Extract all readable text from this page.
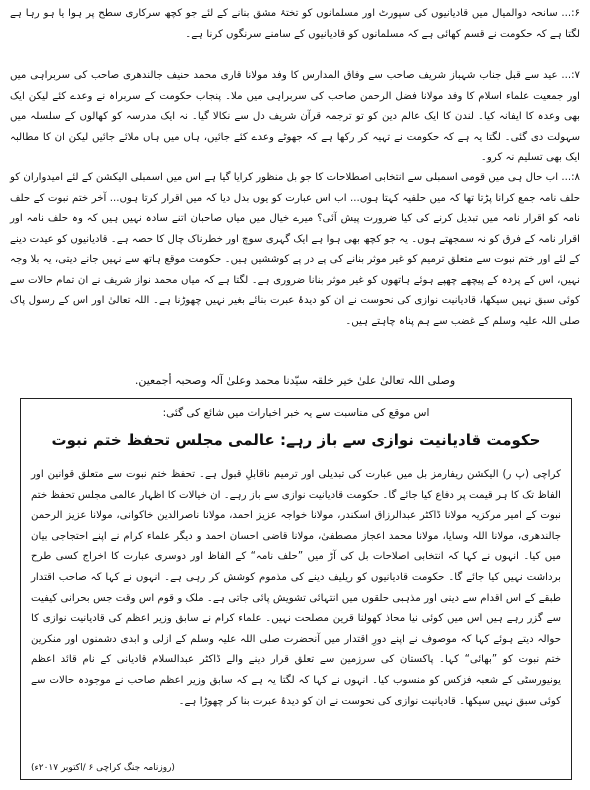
۶:... سانحہ دوالمیال میں قادیانیوں کی سپورٹ اور مسلمانوں کو تختۂ مشق بنانے کے لئے جو کچھ سرکاری سطح پر ہوا یا ہو رہا ہے لگتا ہے کہ حکومت نے قسم کھائی ہے کہ مسلمانوں کو قادیانیوں کے سامنے سرنگوں کرنا ہے۔

۷:... عید سے قبل جناب شہباز شریف صاحب سے وفاق المدارس کا وفد مولانا قاری محمد حنیف جالندھری صاحب کی سربراہی میں اور جمعیت علماء اسلام کا وفد مولانا فضل الرحمن صاحب کی سربراہی میں ملا۔ پنجاب حکومت کے سربراہ نے وعدے کئے لیکن ایک بھی وعدہ کا ایفانہ کیا۔ لندن کا ایک عالم دین کو تو ترجمہ قرآن شریف دل سے نکالا گیا۔ نہ ایک مدرسہ کو کھالوں کے سلسلہ میں سہولت دی گئی۔ لگتا یہ ہے کہ حکومت نے تہیہ کر رکھا ہے کہ جھوٹے وعدے کئے جائیں، ہاں میں ہاں ملائے جائیں لیکن ان کا مطالبہ ایک بھی تسلیم نہ کرو۔

۸:... اب حال ہی میں قومی اسمبلی سے انتخابی اصطلاحات کا جو بل منظور کرایا گیا ہے اس میں اسمبلی الیکشن کے لئے امیدواران کو حلف نامہ جمع کرانا پڑتا تھا کہ میں حلفیہ کہتا ہوں... اب اس عبارت کو یوں بدل دیا کہ میں اقرار کرتا ہوں... آخر ختم نبوت کے حلف نامہ کو اقرار نامہ میں تبدیل کرنے کی کیا ضرورت پیش آئی؟ میرے خیال میں میاں صاحبان اتنے سادہ نہیں ہیں کہ وہ حلف نامہ اور اقرار نامہ کے فرق کو نہ سمجھتے ہوں۔ یہ جو کچھ بھی ہوا ہے ایک گہری سوچ اور خطرناک چال کا حصہ ہے۔ قادیانیوں کو عیدت دینے کے لئے اور ختم نبوت سے متعلق ترمیم کو غیر موثر بنانے کی پے در پے کوششیں ہیں۔ حکومت موقع ہاتھ سے نہیں جانے دیتی، یہ بلا وجہ نہیں، اس کے پردہ کے پیچھے چھپے ہوئے ہاتھوں کو غیر موثر بنانا ضروری ہے۔ لگتا ہے کہ میاں محمد نواز شریف نے ان تمام حالات سے کوئی سبق نہیں سیکھا، قادیانیت نوازی کی نحوست نے ان کو دیدۂ عبرت بنائے بغیر نہیں چھوڑنا ہے۔ اللہ تعالیٰ اور اس کے رسول پاک صلی اللہ علیہ وسلم کے غضب سے ہم پناہ چاہتے ہیں۔

وصلی اللہ تعالیٰ علیٰ خیر خلقہ سیّدنا محمد وعلیٰ آلہ وصحبہ أجمعین.
اس موقع کی مناسبت سے یہ خبر اخبارات میں شائع کی گئی:
حکومت قادیانیت نوازی سے باز رہے: عالمی مجلس تحفظ ختم نبوت

کراچی (پ ر) الیکشن ریفارمز بل میں عبارت کی تبدیلی اور ترمیم ناقابلِ قبول ہے۔ تحفظ ختم نبوت سے متعلق قوانین اور الفاظ تک کا ہر قیمت پر دفاع کیا جائے گا۔ حکومت قادیانیت نوازی سے باز رہے۔ ان خیالات کا اظہار عالمی مجلس تحفظ ختم نبوت کے امیر مرکزیہ مولانا ڈاکٹر عبدالرزاق اسکندر، مولانا خواجہ عزیز احمد، مولانا ناصرالدین خاکوانی، مولانا عزیز الرحمن جالندھری، مولانا اللہ وسایا، مولانا محمد اعجاز مصطفیٰ، مولانا قاضی احسان احمد و دیگر علماء کرام نے اپنے احتجاجی بیان میں کیا۔ انہوں نے کہا کہ انتخابی اصلاحات بل کی آڑ میں ”حلف نامہ“ کے الفاظ اور دوسری عبارت کا اخراج کسی طرح برداشت نہیں کیا جائے گا۔ حکومت قادیانیوں کو ریلیف دینے کی مذموم کوشش کر رہی ہے۔ انہوں نے کہا کہ صاحب اقتدار طبقے کے اس اقدام سے دینی اور مذہبی حلقوں میں انتہائی تشویش پائی جاتی ہے۔ ملک و قوم اس وقت جس بحرانی کیفیت سے گزر رہے ہیں اس میں کوئی نیا محاذ کھولنا قرین مصلحت نہیں۔ علماء کرام نے سابق وزیر اعظم کی قادیانیت نوازی کا حوالہ دیتے ہوئے کہا کہ موصوف نے اپنے دورِ اقتدار میں آنحضرت صلی اللہ علیہ وسلم کے ازلی و ابدی دشمنوں اور منکرین ختم نبوت کو ”بھائی“ کہا۔ پاکستان کی سرزمین سے تعلق قرار دینے والے ڈاکٹر عبدالسلام قادیانی کے نام قائد اعظم یونیورسٹی کے شعبہ فزکس کو منسوب کیا۔ انہوں نے کہا کہ لگتا یہ ہے کہ سابق وزیر اعظم صاحب نے موجودہ حالات سے کوئی سبق نہیں سیکھا۔ قادیانیت نوازی کی نحوست نے ان کو دیدۂ عبرت بنا کر چھوڑا ہے۔

(روزنامہ جنگ کراچی ۶ /اکتوبر ۲۰۱۷ء)
